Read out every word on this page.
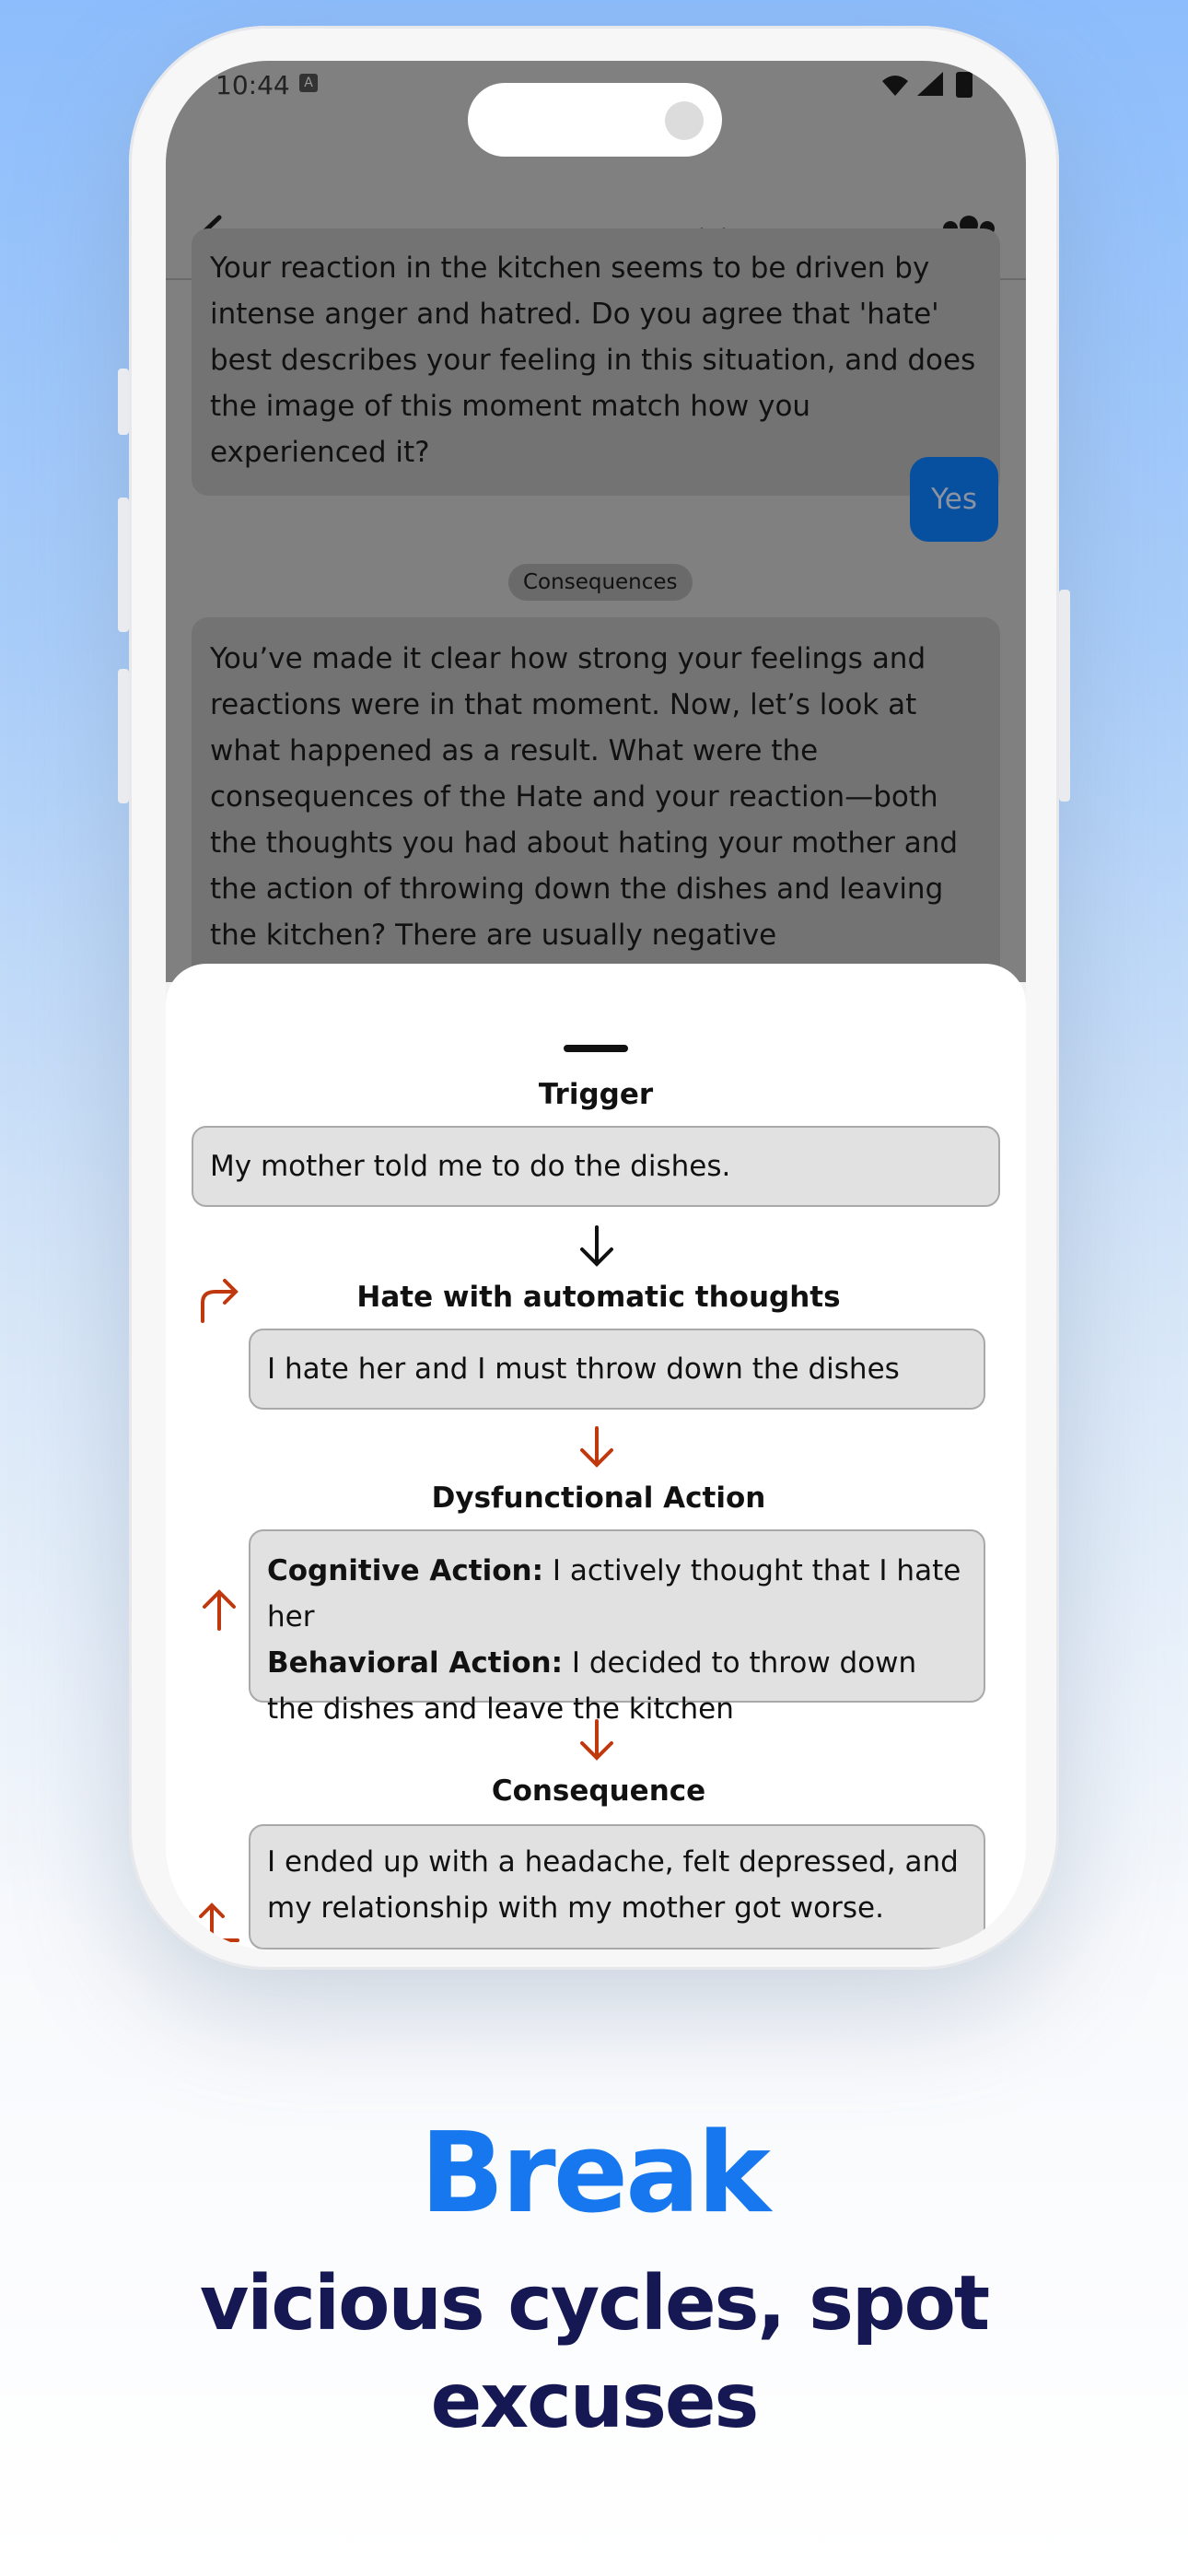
10:44	A
Your reaction in the kitchen seems to be driven by intense anger and hatred. Do you agree that 'hate' best describes your feeling in this situation, and does the image of this moment match how you experienced it?
Yes
Consequences
You’ve made it clear how strong your feelings and reactions were in that moment. Now, let’s look at what happened as a result. What were the consequences of the Hate and your reaction—both the thoughts you had about hating your mother and the action of throwing down the dishes and leaving the kitchen? There are usually negative
Trigger
My mother told me to do the dishes.
Hate with automatic thoughts
I hate her and I must throw down the dishes
Dysfunctional Action
Cognitive Action: I actively thought that I hate her
Behavioral Action: I decided to throw down the dishes and leave the kitchen
Consequence
I ended up with a headache, felt depressed, and my relationship with my mother got worse.
Break
vicious cycles, spot excuses
